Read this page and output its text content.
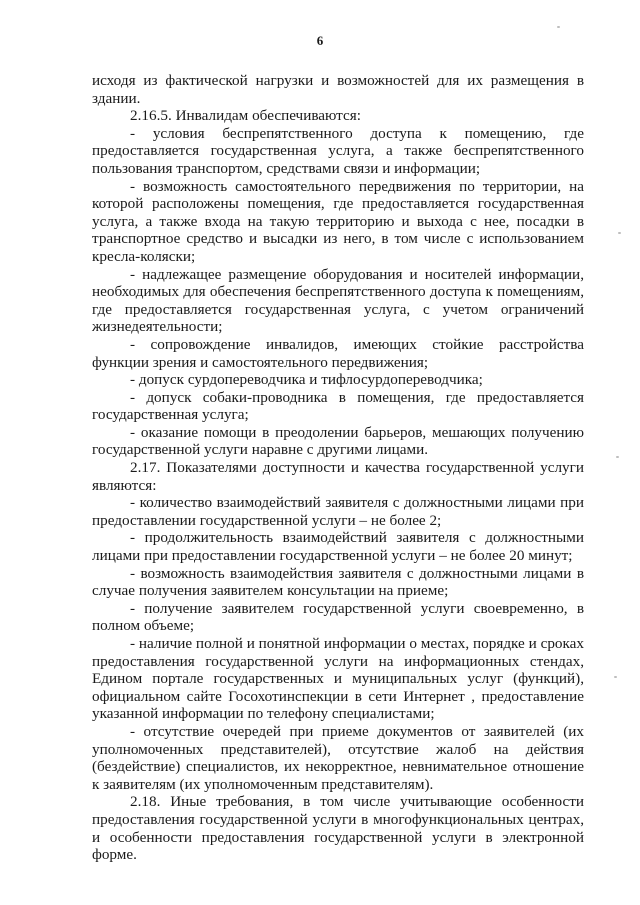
6

исходя из фактической нагрузки и возможностей для их размещения в здании.

2.16.5. Инвалидам обеспечиваются:

- условия беспрепятственного доступа к помещению, где предоставляется государственная услуга, а также беспрепятственного пользования транспортом, средствами связи и информации;

- возможность самостоятельного передвижения по территории, на которой расположены помещения, где предоставляется государственная услуга, а также входа на такую территорию и выхода с нее, посадки в транспортное средство и высадки из него, в том числе с использованием кресла-коляски;

- надлежащее размещение оборудования и носителей информации, необходимых для обеспечения беспрепятственного доступа к помещениям, где предоставляется государственная услуга, с учетом ограничений жизнедеятельности;

- сопровождение инвалидов, имеющих стойкие расстройства функции зрения и самостоятельного передвижения;

- допуск сурдопереводчика и тифлосурдопереводчика;

- допуск собаки-проводника в помещения, где предоставляется государственная услуга;

- оказание помощи в преодолении барьеров, мешающих получению государственной услуги наравне с другими лицами.

2.17. Показателями доступности и качества государственной услуги являются:

- количество взаимодействий заявителя с должностными лицами при предоставлении государственной услуги – не более 2;

- продолжительность взаимодействий заявителя с должностными лицами при предоставлении государственной услуги – не более 20 минут;

- возможность взаимодействия заявителя с должностными лицами в случае получения заявителем консультации на приеме;

- получение заявителем государственной услуги своевременно, в полном объеме;

- наличие полной и понятной информации о местах, порядке и сроках предоставления государственной услуги на информационных стендах, Едином портале государственных и муниципальных услуг (функций), официальном сайте Госохотинспекции в сети Интернет , предоставление указанной информации по телефону специалистами;

- отсутствие очередей при приеме документов от заявителей (их уполномоченных представителей), отсутствие жалоб на действия (бездействие) специалистов, их некорректное, невнимательное отношение к заявителям (их уполномоченным представителям).

2.18. Иные требования, в том числе учитывающие особенности предоставления государственной услуги в многофункциональных центрах, и особенности предоставления государственной услуги в электронной форме.
